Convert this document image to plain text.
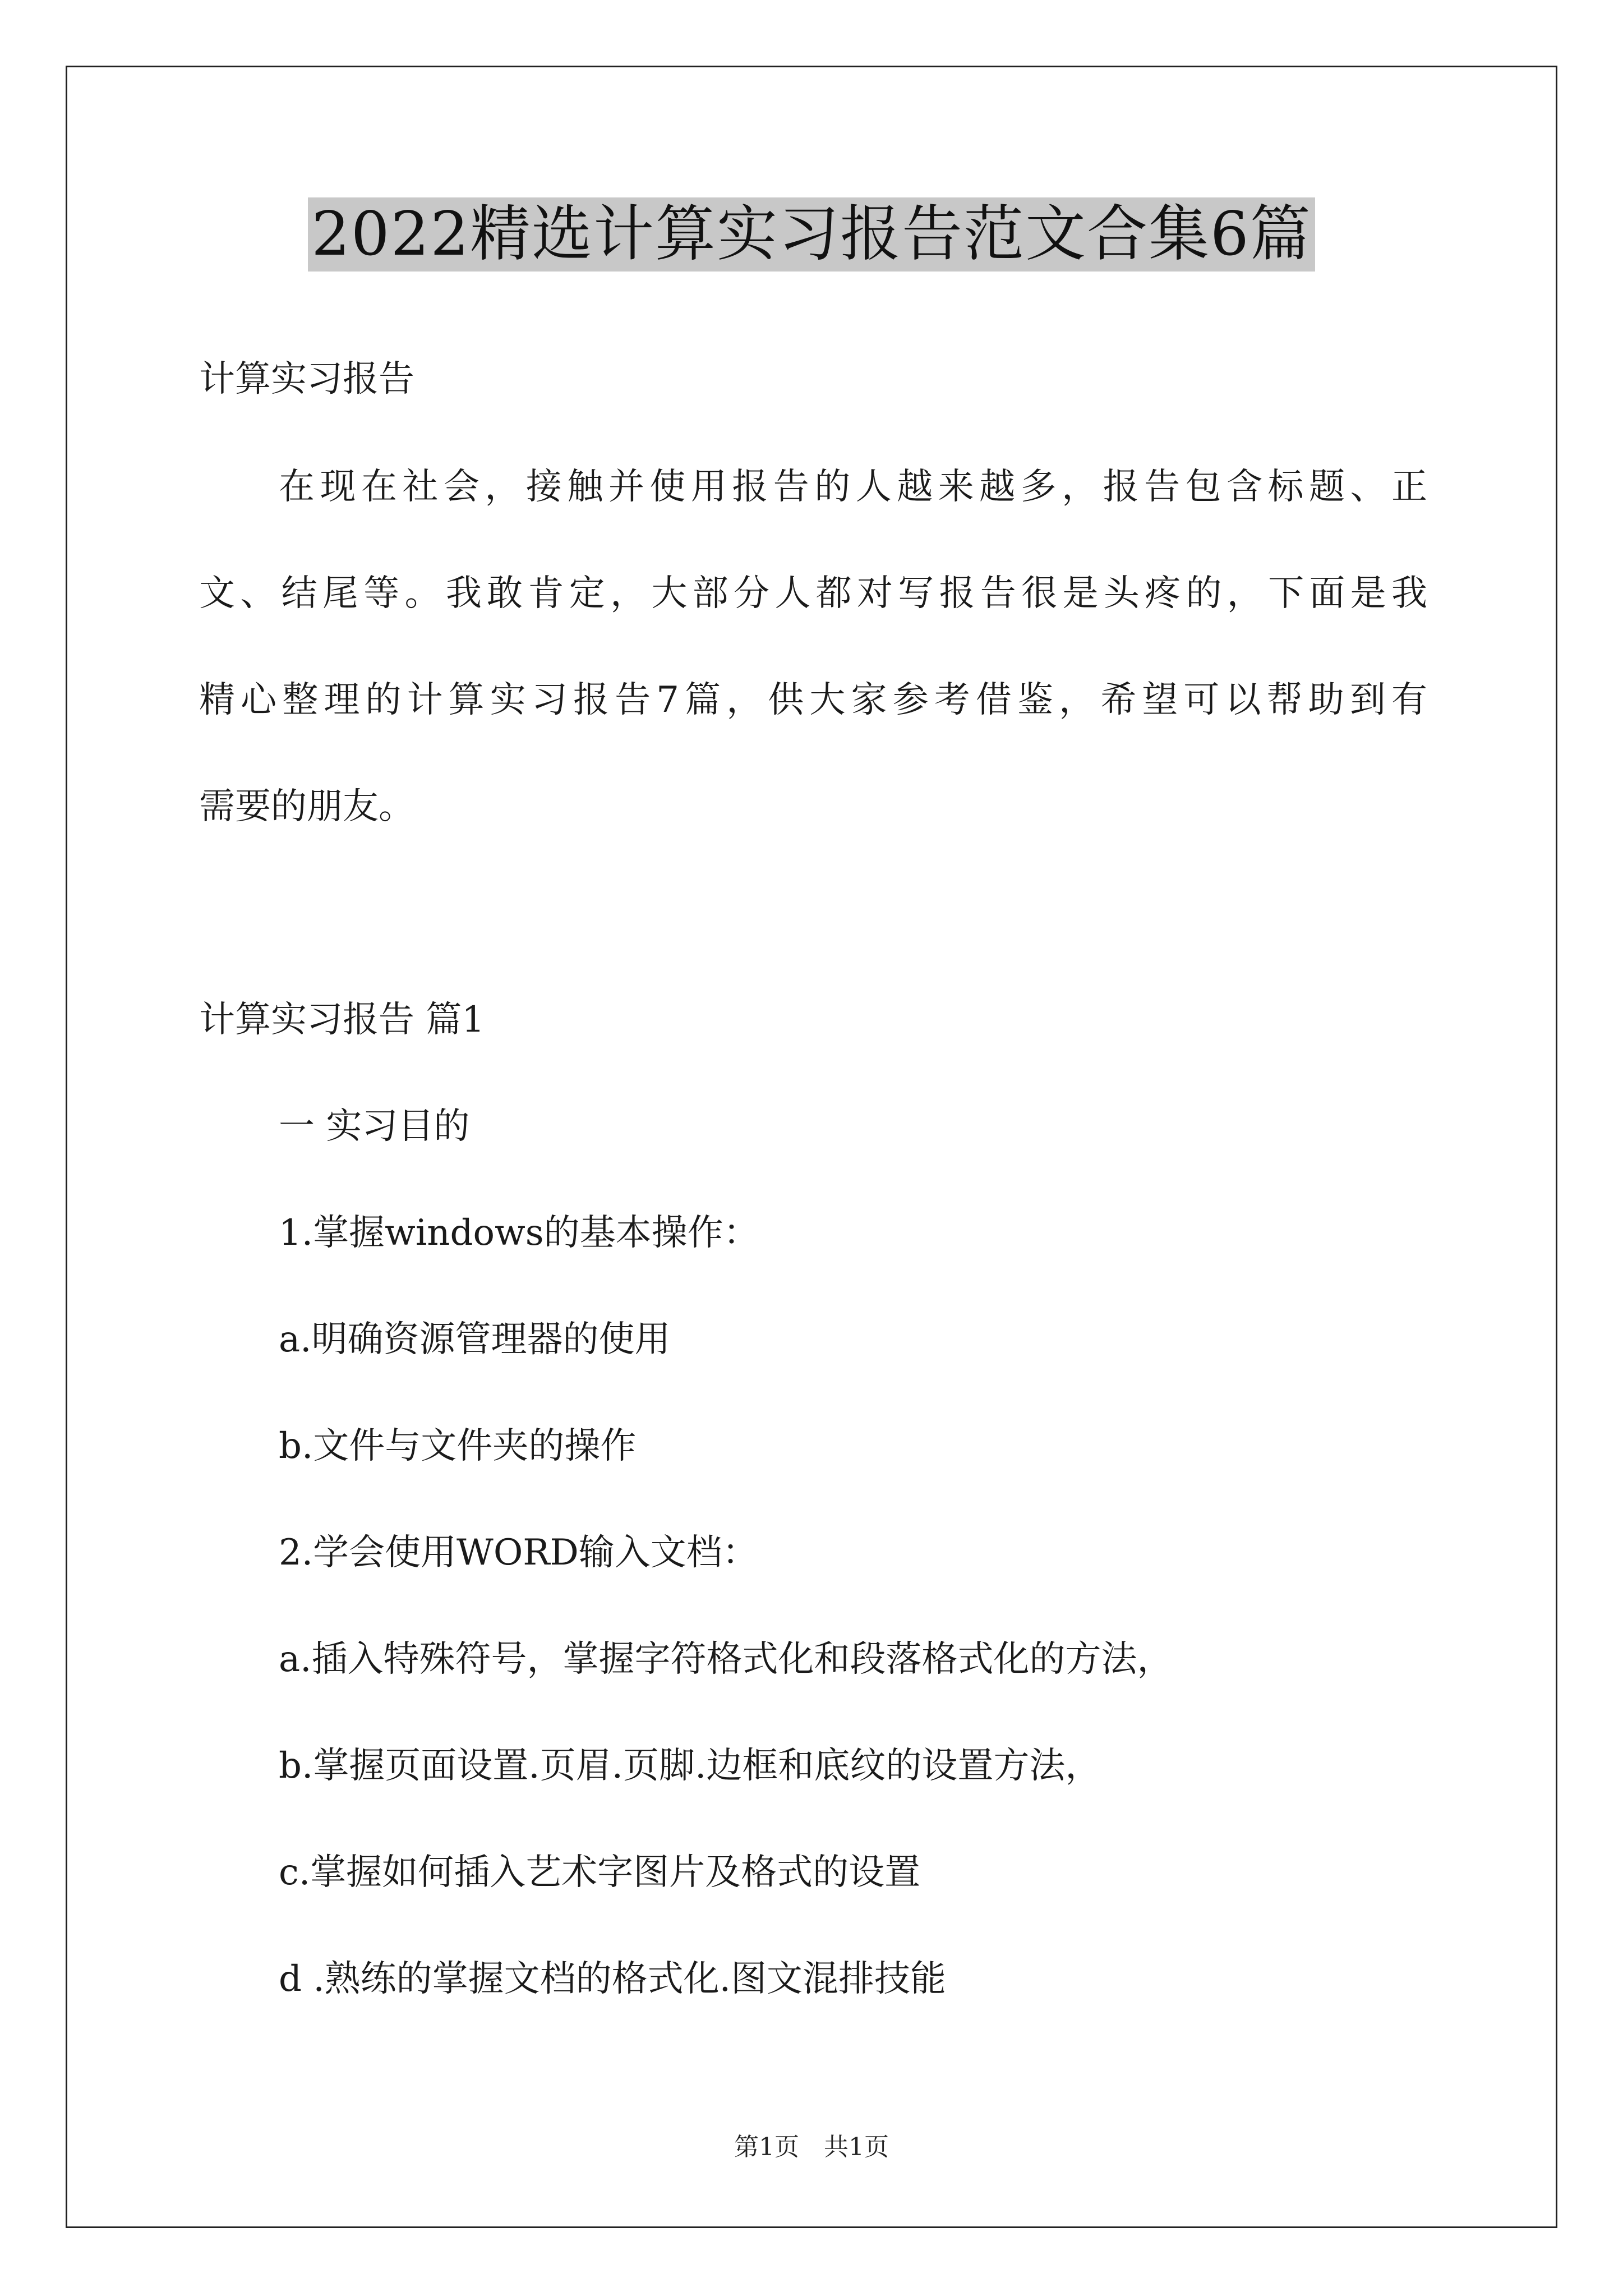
2022精选计算实习报告范文合集6篇
计算实习报告
在现在社会，接触并使用报告的人越来越多，报告包含标题、正
文、结尾等。我敢肯定，大部分人都对写报告很是头疼的，下面是我
精心整理的计算实习报告7篇，供大家参考借鉴，希望可以帮助到有
需要的朋友。
计算实习报告 篇1
一 实习目的
1.掌握windows的基本操作：
a.明确资源管理器的使用
b.文件与文件夹的操作
2.学会使用WORD输入文档：
a.插入特殊符号，掌握字符格式化和段落格式化的方法，
b.掌握页面设置.页眉.页脚.边框和底纹的设置方法，
c.掌握如何插入艺术字图片及格式的设置
d .熟练的掌握文档的格式化.图文混排技能
第1页　共1页
